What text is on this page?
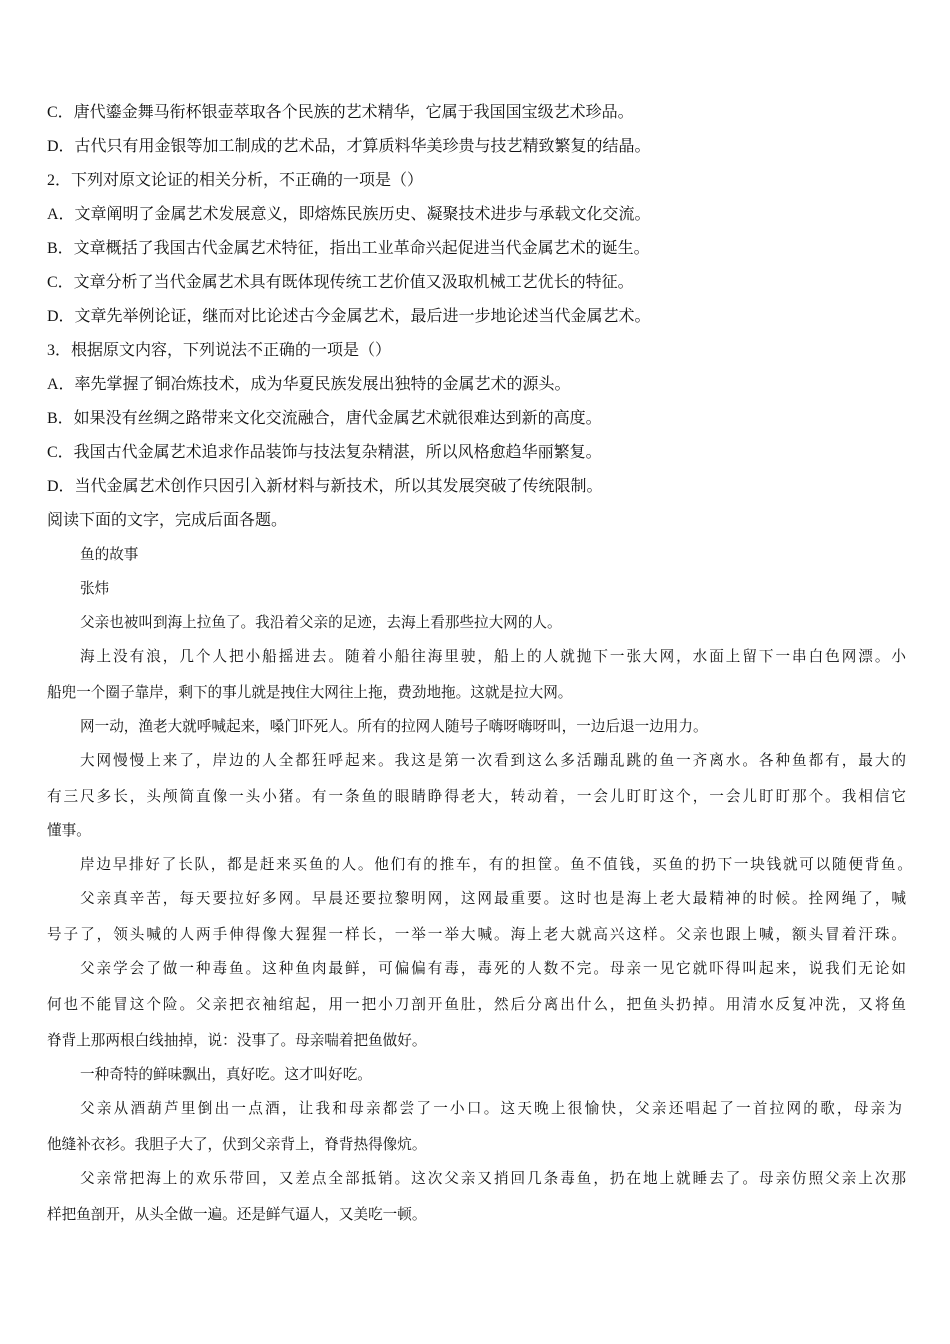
C．唐代鎏金舞马衔杯银壶萃取各个民族的艺术精华，它属于我国国宝级艺术珍品。
D．古代只有用金银等加工制成的艺术品，才算质料华美珍贵与技艺精致繁复的结晶。
2．下列对原文论证的相关分析，不正确的一项是（）
A．文章阐明了金属艺术发展意义，即熔炼民族历史、凝聚技术进步与承载文化交流。
B．文章概括了我国古代金属艺术特征，指出工业革命兴起促进当代金属艺术的诞生。
C．文章分析了当代金属艺术具有既体现传统工艺价值又汲取机械工艺优长的特征。
D．文章先举例论证，继而对比论述古今金属艺术，最后进一步地论述当代金属艺术。
3．根据原文内容，下列说法不正确的一项是（）
A．率先掌握了铜冶炼技术，成为华夏民族发展出独特的金属艺术的源头。
B．如果没有丝绸之路带来文化交流融合，唐代金属艺术就很难达到新的高度。
C．我国古代金属艺术追求作品装饰与技法复杂精湛，所以风格愈趋华丽繁复。
D．当代金属艺术创作只因引入新材料与新技术，所以其发展突破了传统限制。
阅读下面的文字，完成后面各题。
鱼的故事
张炜
父亲也被叫到海上拉鱼了。我沿着父亲的足迹，去海上看那些拉大网的人。
海上没有浪，几个人把小船摇进去。随着小船往海里驶，船上的人就抛下一张大网，水面上留下一串白色网漂。小
船兜一个圈子靠岸，剩下的事儿就是拽住大网往上拖，费劲地拖。这就是拉大网。
网一动，渔老大就呼喊起来，嗓门吓死人。所有的拉网人随号子嗨呀嗨呀叫，一边后退一边用力。
大网慢慢上来了，岸边的人全都狂呼起来。我这是第一次看到这么多活蹦乱跳的鱼一齐离水。各种鱼都有，最大的
有三尺多长，头颅简直像一头小猪。有一条鱼的眼睛睁得老大，转动着，一会儿盯盯这个，一会儿盯盯那个。我相信它
懂事。
岸边早排好了长队，都是赶来买鱼的人。他们有的推车，有的担筐。鱼不值钱，买鱼的扔下一块钱就可以随便背鱼。
父亲真辛苦，每天要拉好多网。早晨还要拉黎明网，这网最重要。这时也是海上老大最精神的时候。拴网绳了，喊
号子了，领头喊的人两手伸得像大猩猩一样长，一举一举大喊。海上老大就高兴这样。父亲也跟上喊，额头冒着汗珠。
父亲学会了做一种毒鱼。这种鱼肉最鲜，可偏偏有毒，毒死的人数不完。母亲一见它就吓得叫起来，说我们无论如
何也不能冒这个险。父亲把衣袖绾起，用一把小刀剖开鱼肚，然后分离出什么，把鱼头扔掉。用清水反复冲洗，又将鱼
脊背上那两根白线抽掉，说：没事了。母亲喘着把鱼做好。
一种奇特的鲜味飘出，真好吃。这才叫好吃。
父亲从酒葫芦里倒出一点酒，让我和母亲都尝了一小口。这天晚上很愉快，父亲还唱起了一首拉网的歌，母亲为
他缝补衣衫。我胆子大了，伏到父亲背上，脊背热得像炕。
父亲常把海上的欢乐带回，又差点全部抵销。这次父亲又捎回几条毒鱼，扔在地上就睡去了。母亲仿照父亲上次那
样把鱼剖开，从头全做一遍。还是鲜气逼人，又美吃一顿。
